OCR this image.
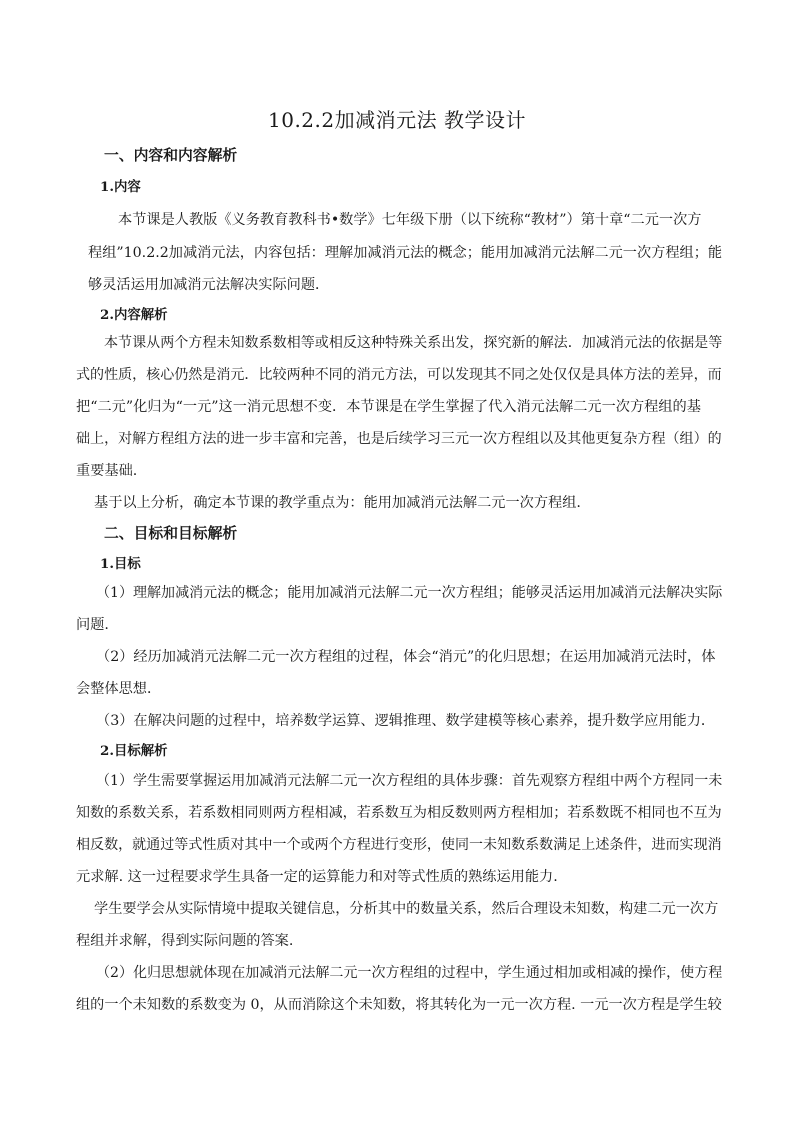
10.2.2加减消元法 教学设计
一、内容和内容解析
1.内容
本节课是人教版《义务教育教科书•数学》七年级下册（以下统称“教材”）第十章“二元一次方
程组”10.2.2加减消元法，内容包括：理解加减消元法的概念；能用加减消元法解二元一次方程组；能
够灵活运用加减消元法解决实际问题．
2.内容解析
本节课从两个方程未知数系数相等或相反这种特殊关系出发，探究新的解法．加减消元法的依据是等
式的性质，核心仍然是消元．比较两种不同的消元方法，可以发现其不同之处仅仅是具体方法的差异，而
把“二元”化归为“一元”这一消元思想不变．本节课是在学生掌握了代入消元法解二元一次方程组的基
础上，对解方程组方法的进一步丰富和完善，也是后续学习三元一次方程组以及其他更复杂方程（组）的
重要基础.
基于以上分析，确定本节课的教学重点为：能用加减消元法解二元一次方程组.
二、目标和目标解析
1.目标
（1）理解加减消元法的概念；能用加减消元法解二元一次方程组；能够灵活运用加减消元法解决实际
问题.
（2）经历加减消元法解二元一次方程组的过程，体会“消元”的化归思想；在运用加减消元法时，体
会整体思想．
（3）在解决问题的过程中，培养数学运算、逻辑推理、数学建模等核心素养，提升数学应用能力．
2.目标解析
（1）学生需要掌握运用加减消元法解二元一次方程组的具体步骤：首先观察方程组中两个方程同一未
知数的系数关系，若系数相同则两方程相减，若系数互为相反数则两方程相加；若系数既不相同也不互为
相反数，就通过等式性质对其中一个或两个方程进行变形，使同一未知数系数满足上述条件，进而实现消
元求解. 这一过程要求学生具备一定的运算能力和对等式性质的熟练运用能力.
学生要学会从实际情境中提取关键信息，分析其中的数量关系，然后合理设未知数，构建二元一次方
程组并求解，得到实际问题的答案.
（2）化归思想就体现在加减消元法解二元一次方程组的过程中，学生通过相加或相减的操作，使方程
组的一个未知数的系数变为 0，从而消除这个未知数，将其转化为一元一次方程. 一元一次方程是学生较
